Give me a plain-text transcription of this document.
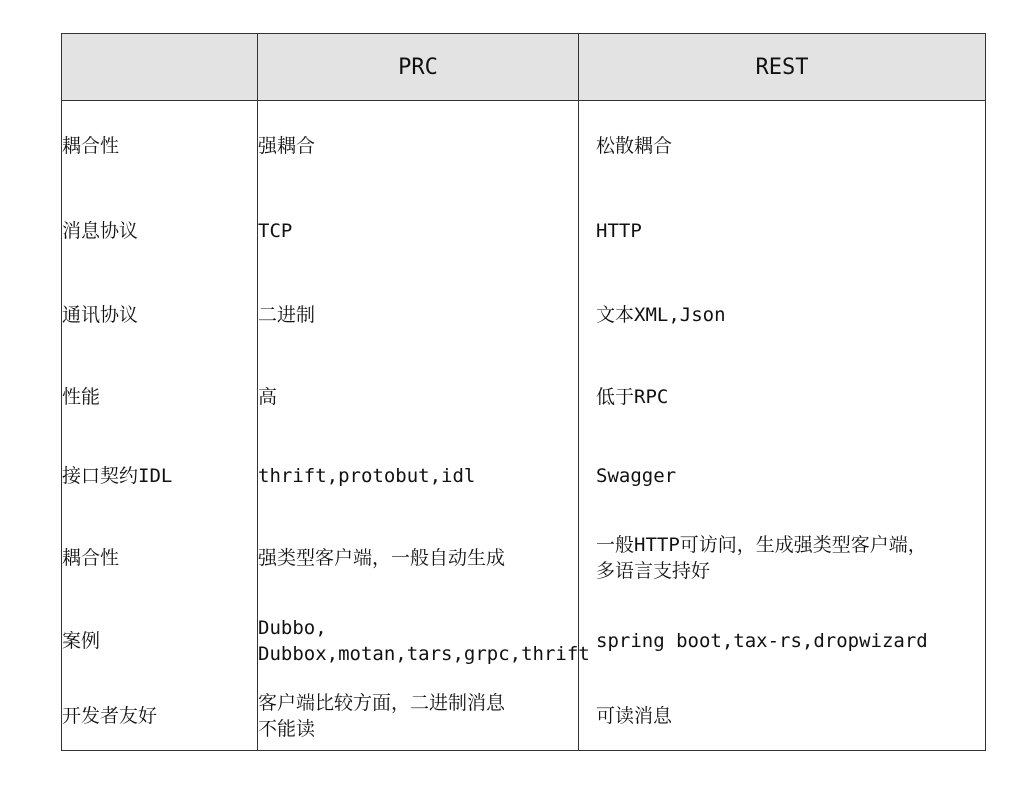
	PRC	REST

耦合性	强耦合	松散耦合

消息协议	TCP	HTTP

通讯协议	二进制	文本XML,Json

性能	高	低于RPC

接口契约IDL	thrift,protobut,idl	Swagger

耦合性	强类型客户端，一般自动生成	一般HTTP可访问，生成强类型客户端，
多语言支持好

案例	Dubbo,
Dubbox,motan,tars,grpc,thrift	spring boot,tax-rs,dropwizard

开发者友好	客户端比较方面，二进制消息
不能读	可读消息
